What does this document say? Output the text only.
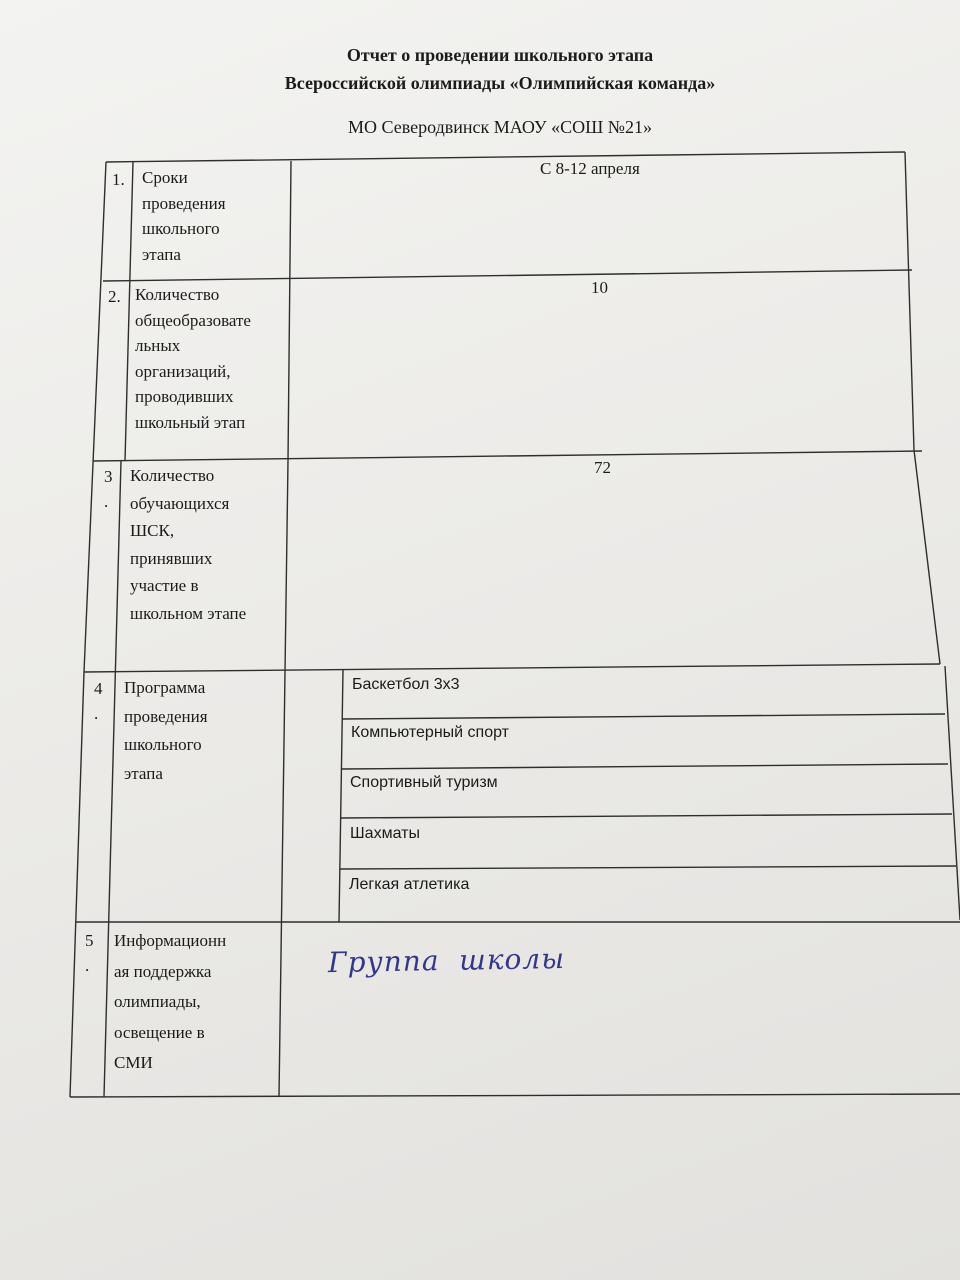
Отчет о проведении школьного этапа
Всероссийской олимпиады «Олимпийская команда»
МО Северодвинск МАОУ «СОШ №21»
1. Сроки
проведения
школьного
этапа
С 8-12 апреля
2. Количество
общеобразовате
льных
организаций,
проводивших
школьный этап
10
3
.
Количество
обучающихся
ШСК,
принявших
участие в
школьном этапе
72
4
.
Программа
проведения
школьного
этапа
Баскетбол 3х3
Компьютерный спорт
Спортивный туризм
Шахматы
Легкая атлетика
5
.
Информационн
ая поддержка
олимпиады,
освещение в
СМИ
Группа  школы
